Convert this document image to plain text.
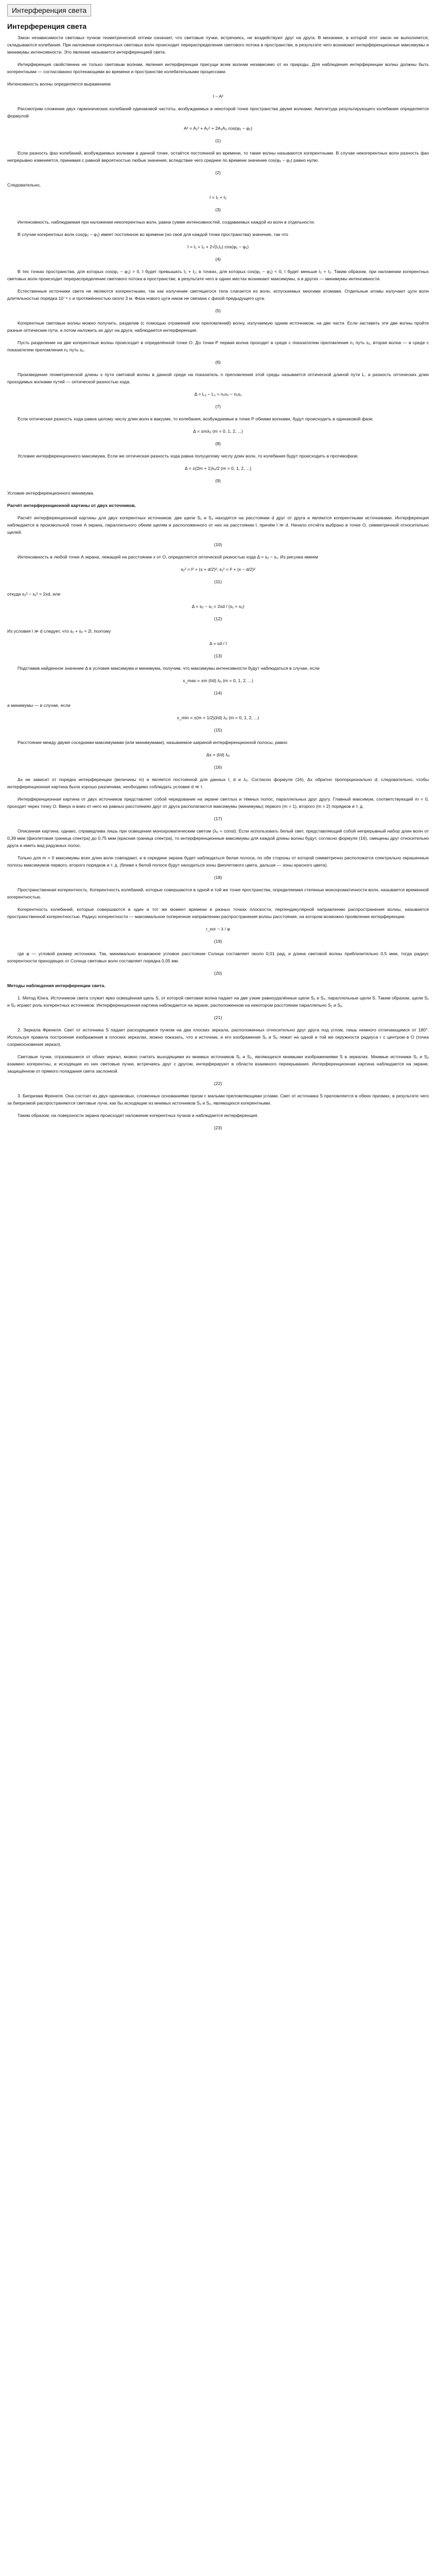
Интерференция света
Интерференция света
Закон независимости световых пучков геометрической оптики означает, что световые пучки, встречаясь, не воздействуют друг на друга. В механике, в которой этот закон не выполняется, складываются колебания. При наложении когерентных световых волн происходит перераспределение светового потока в пространстве, в результате чего возникают интерференционные максимумы и минимумы интенсивности. Это явление называется интерференцией света.
Интерференция свойственна не только световым волнам, явления интерференции присущи всем волнам независимо от их природы. Для наблюдения интерференции волны должны быть когерентными — согласованно протекающими во времени и пространстве колебательными процессами.
Интенсивность волны определяется выражением
I ~ A²
Рассмотрим сложение двух гармонических колебаний одинаковой частоты, возбуждаемых в некоторой точке пространства двумя волнами. Амплитуда результирующего колебания определяется формулой
A² = A₁² + A₂² + 2A₁A₂ cos(φ₂ − φ₁)
(1)
Если разность фаз колебаний, возбуждаемых волнами в данной точке, остаётся постоянной во времени, то такие волны называются когерентными. В случае некогерентных волн разность фаз непрерывно изменяется, принимая с равной вероятностью любые значения, вследствие чего среднее по времени значение cos(φ₂ − φ₁) равно нулю.
(2)
Следовательно,
I = I₁ + I₂
(3)
Интенсивность, наблюдаемая при наложении некогерентных волн, равна сумме интенсивностей, создаваемых каждой из волн в отдельности.
В случае когерентных волн cos(φ₂ − φ₁) имеет постоянное во времени (но своё для каждой точки пространства) значение, так что
I = I₁ + I₂ + 2√(I₁I₂) cos(φ₂ − φ₁)
(4)
В тех точках пространства, для которых cos(φ₂ − φ₁) > 0, I будет превышать I₁ + I₂; в точках, для которых cos(φ₂ − φ₁) < 0, I будет меньше I₁ + I₂. Таким образом, при наложении когерентных световых волн происходит перераспределение светового потока в пространстве, в результате чего в одних местах возникают максимумы, а в других — минимумы интенсивности.
Естественные источники света не являются когерентными, так как излучение светящегося тела слагается из волн, испускаемых многими атомами. Отдельные атомы излучают цуги волн длительностью порядка 10⁻⁸ с и протяжённостью около 3 м. Фаза нового цуга никак не связана с фазой предыдущего цуга.
(5)
Когерентные световые волны можно получить, разделив (с помощью отражений или преломлений) волну, излучаемую одним источником, на две части. Если заставить эти две волны пройти разные оптические пути, а потом наложить их друг на друга, наблюдается интерференция.
Пусть разделение на две когерентные волны происходит в определённой точке O. До точки P первая волна проходит в среде с показателем преломления n₁ путь s₁, вторая волна — в среде с показателем преломления n₂ путь s₂.
(6)
Произведение геометрической длины s пути световой волны в данной среде на показатель n преломления этой среды называется оптической длиной пути L, а разность оптических длин проходимых волнами путей — оптической разностью хода.
Δ = L₂ − L₁ = n₂s₂ − n₁s₁
(7)
Если оптическая разность хода равна целому числу длин волн в вакууме, то колебания, возбуждаемые в точке P обеими волнами, будут происходить в одинаковой фазе.
Δ = ±mλ₀ (m = 0, 1, 2, ...)
(8)
Условие интерференционного максимума. Если же оптическая разность хода равна полуцелому числу длин волн, то колебания будут происходить в противофазе.
Δ = ±(2m + 1)λ₀/2 (m = 0, 1, 2, ...)
(9)
Условие интерференционного минимума.
Расчёт интерференционной картины от двух источников.
Расчёт интерференционной картины для двух когерентных источников: две щели S₁ и S₂ находятся на расстоянии d друг от друга и являются когерентными источниками. Интерференция наблюдается в произвольной точке A экрана, параллельного обеим щелям и расположенного от них на расстоянии l, причём l ≫ d. Начало отсчёта выбрано в точке O, симметричной относительно щелей.
(10)
Интенсивность в любой точке A экрана, лежащей на расстоянии x от O, определяется оптической разностью хода Δ = s₂ − s₁. Из рисунка имеем
s₂² = l² + (x + d/2)²; s₁² = l² + (x − d/2)²
(11)
откуда s₂² − s₁² = 2xd, или
Δ = s₂ − s₁ = 2xd / (s₁ + s₂)
(12)
Из условия l ≫ d следует, что s₁ + s₂ ≈ 2l, поэтому
Δ = xd / l
(13)
Подставив найденное значение Δ в условия максимума и минимума, получим, что максимумы интенсивности будут наблюдаться в случае, если
x_max = ±m (l/d) λ₀ (m = 0, 1, 2, ...)
(14)
а минимумы — в случае, если
x_min = ±(m + 1/2)(l/d) λ₀ (m = 0, 1, 2, ...)
(15)
Расстояние между двумя соседними максимумами (или минимумами), называемое шириной интерференционной полосы, равно
Δx = (l/d) λ₀
(16)
Δx не зависит от порядка интерференции (величины m) и является постоянной для данных l, d и λ₀. Согласно формуле (16), Δx обратно пропорционально d; следовательно, чтобы интерференционная картина была хорошо различима, необходимо соблюдать условие d ≪ l.
Интерференционная картина от двух источников представляет собой чередование на экране светлых и тёмных полос, параллельных друг другу. Главный максимум, соответствующий m = 0, проходит через точку O. Вверх и вниз от него на равных расстояниях друг от друга располагаются максимумы (минимумы) первого (m = 1), второго (m = 2) порядков и т. д.
(17)
Описанная картина, однако, справедлива лишь при освещении монохроматическим светом (λ₀ = const). Если использовать белый свет, представляющий собой непрерывный набор длин волн от 0,39 мкм (фиолетовая граница спектра) до 0,75 мкм (красная граница спектра), то интерференционные максимумы для каждой длины волны будут, согласно формуле (16), смещены друг относительно друга и иметь вид радужных полос.
Только для m = 0 максимумы всех длин волн совпадают, и в середине экрана будет наблюдаться белая полоса, по обе стороны от которой симметрично расположатся спектрально окрашенные полосы максимумов первого, второго порядков и т. д. (ближе к белой полосе будут находиться зоны фиолетового цвета, дальше — зоны красного цвета).
(18)
Пространственная когерентность. Когерентность колебаний, которые совершаются в одной и той же точке пространства, определяемая степенью монохроматичности волн, называется временной когерентностью.
Когерентность колебаний, которые совершаются в один и тот же момент времени в разных точках плоскости, перпендикулярной направлению распространения волны, называется пространственной когерентностью. Радиус когерентности — максимальное поперечное направлению распространения волны расстояние, на котором возможно проявление интерференции.
r_ког ~ λ / φ
(19)
где φ — угловой размер источника. Так, минимально возможное угловое расстояние Солнца составляет около 0,01 рад, и длина световой волны приблизительно 0,5 мкм, тогда радиус когерентности приходящих от Солнца световых волн составляет порядка 0,05 мм.
(20)
Методы наблюдения интерференции света.
1. Метод Юнга. Источником света служит ярко освещённая щель S, от которой световая волна падает на две узкие равноудалённые щели S₁ и S₂, параллельные щели S. Таким образом, щели S₁ и S₂ играют роль когерентных источников. Интерференционная картина наблюдается на экране, расположенном на некотором расстоянии параллельно S₁ и S₂.
(21)
2. Зеркала Френеля. Свет от источника S падает расходящимся пучком на два плоских зеркала, расположенных относительно друг друга под углом, лишь немного отличающимся от 180°. Используя правила построения изображения в плоских зеркалах, можно показать, что и источник, и его изображения S₁ и S₂ лежат на одной и той же окружности радиуса r с центром в O (точка соприкосновения зеркал).
Световые пучки, отразившиеся от обоих зеркал, можно считать выходящими из мнимых источников S₁ и S₂, являющихся мнимыми изображениями S в зеркалах. Мнимые источники S₁ и S₂ взаимно когерентны, и исходящие из них световые пучки, встречаясь друг с другом, интерферируют в области взаимного перекрывания. Интерференционная картина наблюдается на экране, защищённом от прямого попадания света заслонкой.
(22)
3. Бипризма Френеля. Она состоит из двух одинаковых, сложенных основаниями призм с малыми преломляющими углами. Свет от источника S преломляется в обеих призмах, в результате чего за бипризмой распространяются световые лучи, как бы исходящие из мнимых источников S₁ и S₂, являющихся когерентными.
Таким образом, на поверхности экрана происходит наложение когерентных пучков и наблюдается интерференция.
(23)
